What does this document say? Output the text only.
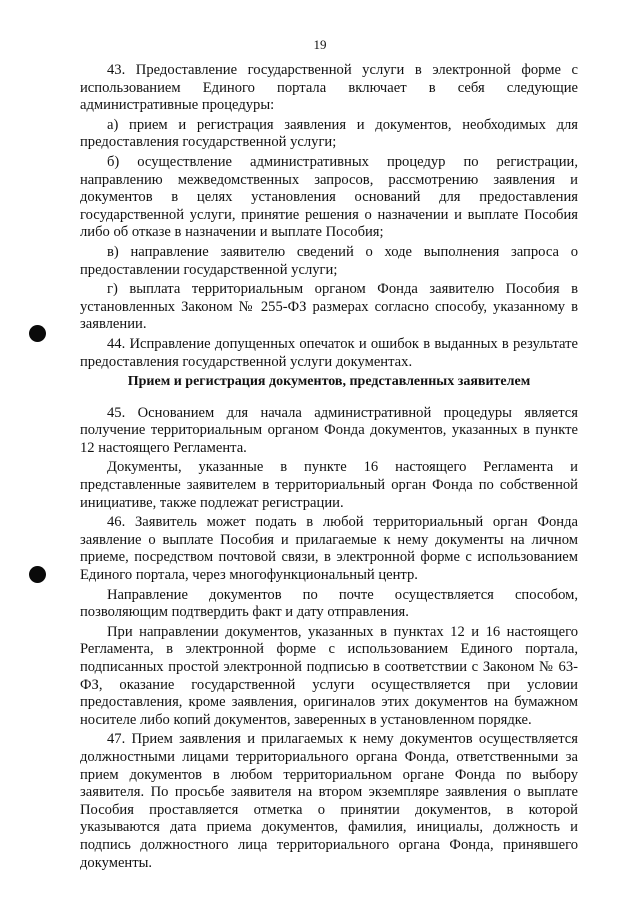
19

43. Предоставление государственной услуги в электронной форме с использованием Единого портала включает в себя следующие административные процедуры:

а) прием и регистрация заявления и документов, необходимых для предоставления государственной услуги;

б) осуществление административных процедур по регистрации, направлению межведомственных запросов, рассмотрению заявления и документов в целях установления оснований для предоставления государственной услуги, принятие решения о назначении и выплате Пособия либо об отказе в назначении и выплате Пособия;

в) направление заявителю сведений о ходе выполнения запроса о предоставлении государственной услуги;

г) выплата территориальным органом Фонда заявителю Пособия в установленных Законом № 255-ФЗ размерах согласно способу, указанному в заявлении.

44. Исправление допущенных опечаток и ошибок в выданных в результате предоставления государственной услуги документах.

Прием и регистрация документов, представленных заявителем

45. Основанием для начала административной процедуры является получение территориальным органом Фонда документов, указанных в пункте 12 настоящего Регламента.

Документы, указанные в пункте 16 настоящего Регламента и представленные заявителем в территориальный орган Фонда по собственной инициативе, также подлежат регистрации.

46. Заявитель может подать в любой территориальный орган Фонда заявление о выплате Пособия и прилагаемые к нему документы на личном приеме, посредством почтовой связи, в электронной форме с использованием Единого портала, через многофункциональный центр.

Направление документов по почте осуществляется способом, позволяющим подтвердить факт и дату отправления.

При направлении документов, указанных в пунктах 12 и 16 настоящего Регламента, в электронной форме с использованием Единого портала, подписанных простой электронной подписью в соответствии с Законом № 63-ФЗ, оказание государственной услуги осуществляется при условии предоставления, кроме заявления, оригиналов этих документов на бумажном носителе либо копий документов, заверенных в установленном порядке.

47. Прием заявления и прилагаемых к нему документов осуществляется должностными лицами территориального органа Фонда, ответственными за прием документов в любом территориальном органе Фонда по выбору заявителя. По просьбе заявителя на втором экземпляре заявления о выплате Пособия проставляется отметка о принятии документов, в которой указываются дата приема документов, фамилия, инициалы, должность и подпись должностного лица территориального органа Фонда, принявшего документы.
